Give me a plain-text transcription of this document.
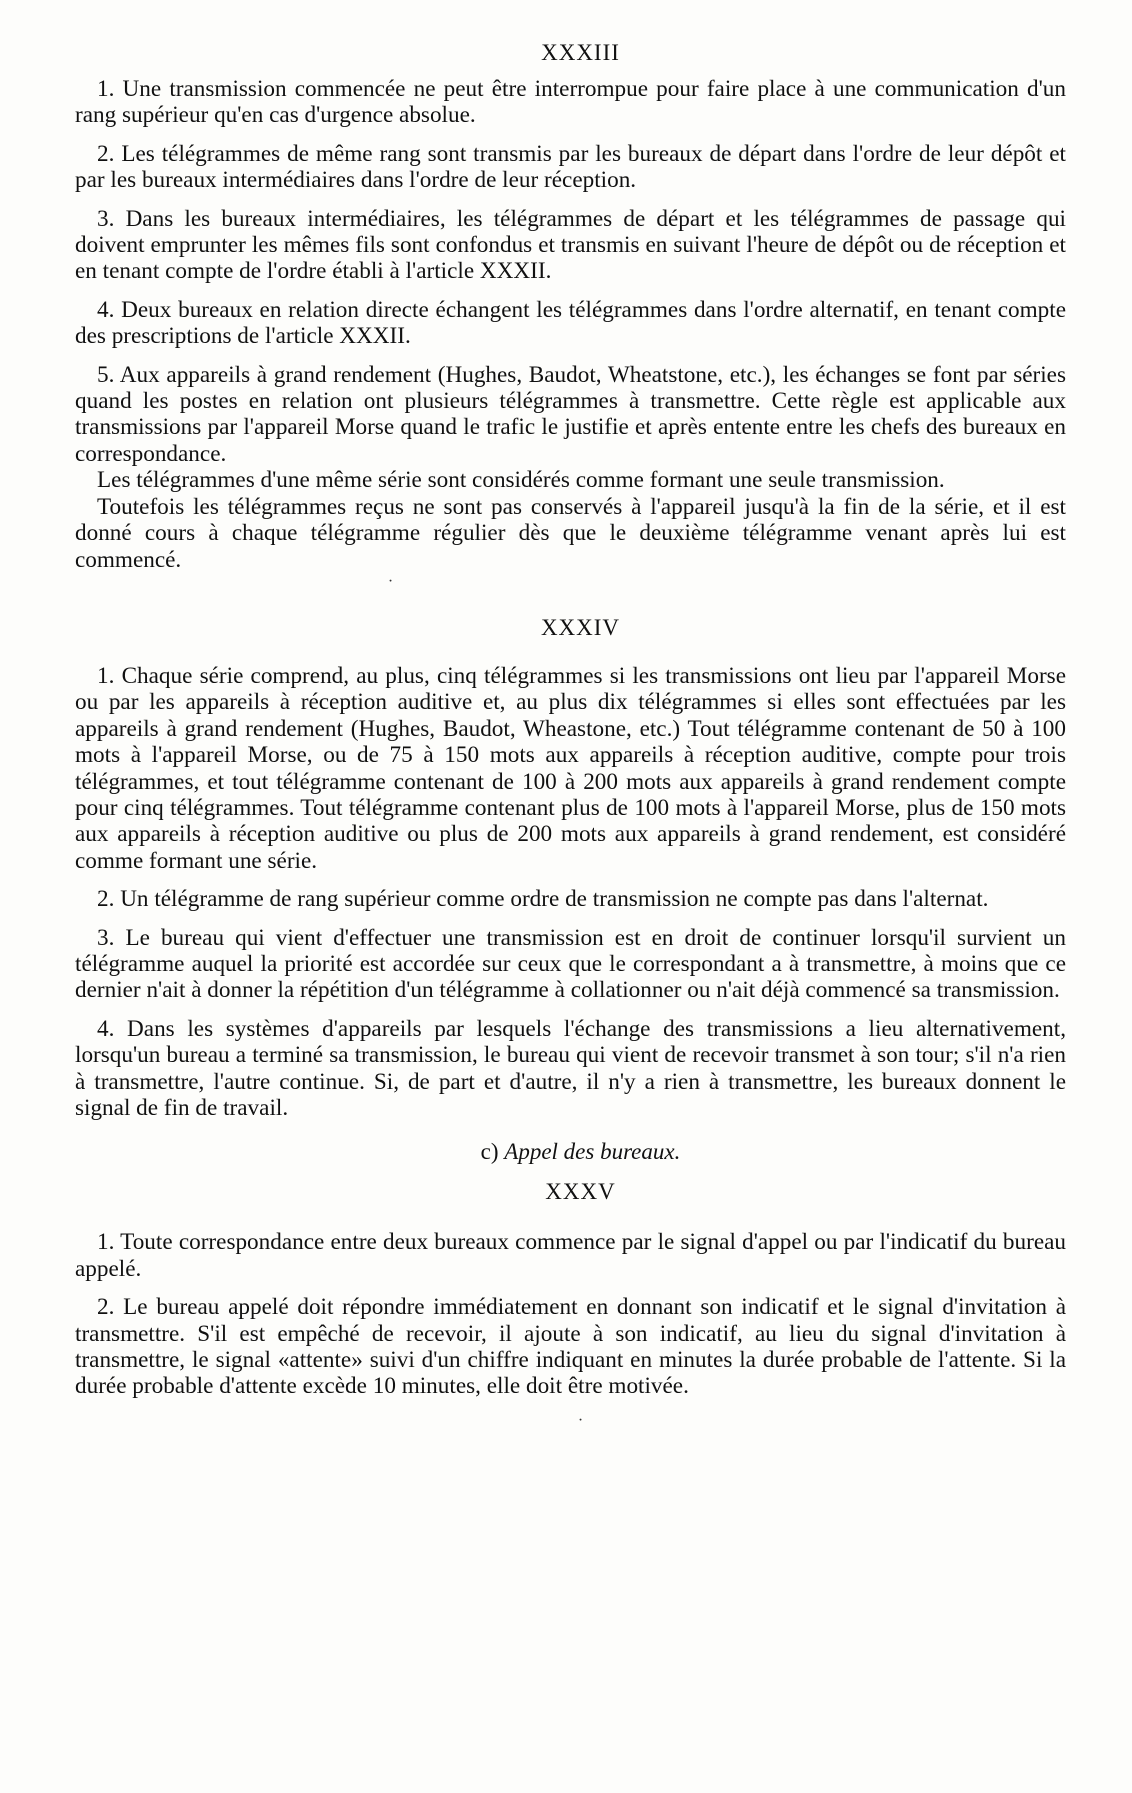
XXXIII

1. Une transmission commencée ne peut être interrompue pour faire place à une communication d'un rang supérieur qu'en cas d'urgence absolue.

2. Les télégrammes de même rang sont transmis par les bureaux de départ dans l'ordre de leur dépôt et par les bureaux intermédiaires dans l'ordre de leur réception.

3. Dans les bureaux intermédiaires, les télégrammes de départ et les télégrammes de passage qui doivent emprunter les mêmes fils sont confondus et transmis en suivant l'heure de dépôt ou de réception et en tenant compte de l'ordre établi à l'article XXXII.

4. Deux bureaux en relation directe échangent les télégrammes dans l'ordre alternatif, en tenant compte des prescriptions de l'article XXXII.

5. Aux appareils à grand rendement (Hughes, Baudot, Wheatstone, etc.), les échanges se font par séries quand les postes en relation ont plusieurs télégrammes à transmettre. Cette règle est applicable aux transmissions par l'appareil Morse quand le trafic le justifie et après entente entre les chefs des bureaux en correspondance.

Les télégrammes d'une même série sont considérés comme formant une seule transmission.

Toutefois les télégrammes reçus ne sont pas conservés à l'appareil jusqu'à la fin de la série, et il est donné cours à chaque télégramme régulier dès que le deuxième télégramme venant après lui est commencé.

·
XXXIV

1. Chaque série comprend, au plus, cinq télégrammes si les transmissions ont lieu par l'appareil Morse ou par les appareils à réception auditive et, au plus dix télégrammes si elles sont effectuées par les appareils à grand rendement (Hughes, Baudot, Wheastone, etc.) Tout télégramme contenant de 50 à 100 mots à l'appareil Morse, ou de 75 à 150 mots aux appareils à réception auditive, compte pour trois télégrammes, et tout télégramme contenant de 100 à 200 mots aux appareils à grand rendement compte pour cinq télégrammes. Tout télégramme contenant plus de 100 mots à l'appareil Morse, plus de 150 mots aux appareils à réception auditive ou plus de 200 mots aux appareils à grand rendement, est considéré comme formant une série.

2. Un télégramme de rang supérieur comme ordre de transmission ne compte pas dans l'alternat.

3. Le bureau qui vient d'effectuer une transmission est en droit de continuer lorsqu'il survient un télégramme auquel la priorité est accordée sur ceux que le correspondant a à transmettre, à moins que ce dernier n'ait à donner la répétition d'un télégramme à collationner ou n'ait déjà commencé sa transmission.

4. Dans les systèmes d'appareils par lesquels l'échange des transmissions a lieu alternativement, lorsqu'un bureau a terminé sa transmission, le bureau qui vient de recevoir transmet à son tour; s'il n'a rien à transmettre, l'autre continue. Si, de part et d'autre, il n'y a rien à transmettre, les bureaux donnent le signal de fin de travail.

c) Appel des bureaux.
XXXV

1. Toute correspondance entre deux bureaux commence par le signal d'appel ou par l'indicatif du bureau appelé.

2. Le bureau appelé doit répondre immédiatement en donnant son indicatif et le signal d'invitation à transmettre. S'il est empêché de recevoir, il ajoute à son indicatif, au lieu du signal d'invitation à transmettre, le signal «attente» suivi d'un chiffre indiquant en minutes la durée probable de l'attente. Si la durée probable d'attente excède 10 minutes, elle doit être motivée.

·
